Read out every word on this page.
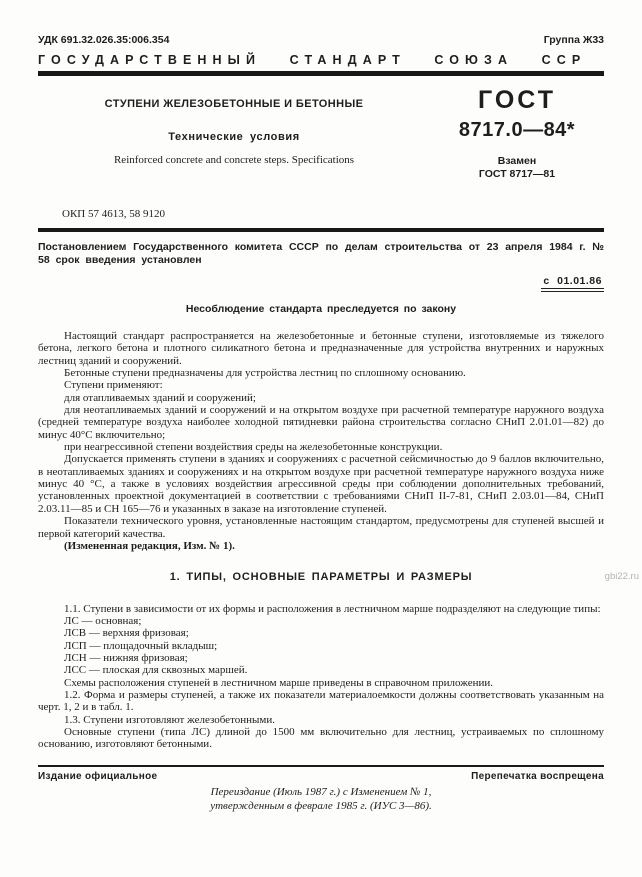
УДК 691.32.026.35:006.354	Группа Ж33
ГОСУДАРСТВЕННЫЙ СТАНДАРТ СОЮЗА ССР
СТУПЕНИ ЖЕЛЕЗОБЕТОННЫЕ И БЕТОННЫЕ
Технические условия
Reinforced concrete and concrete steps. Specifications
ГОСТ
8717.0—84*
Взамен
ГОСТ 8717—81
ОКП 57 4613, 58 9120

Постановлением Государственного комитета СССР по делам строительства от 23 апреля 1984 г. № 58 срок введения установлен

с 01.01.86
Несоблюдение стандарта преследуется по закону

Настоящий стандарт распространяется на железобетонные и бетонные ступени, изготовляемые из тяжелого бетона, легкого бетона и плотного силикатного бетона и предназначенные для устройства внутренних и наружных лестниц зданий и сооружений.

Бетонные ступени предназначены для устройства лестниц по сплошному основанию.

Ступени применяют:

для отапливаемых зданий и сооружений;

для неотапливаемых зданий и сооружений и на открытом воздухе при расчетной температуре наружного воздуха (средней температуре воздуха наиболее холодной пятидневки района строительства согласно СНиП 2.01.01—82) до минус 40°С включительно;

при неагрессивной степени воздействия среды на железобетонные конструкции.

Допускается применять ступени в зданиях и сооружениях с расчетной сейсмичностью до 9 баллов включительно, в неотапливаемых зданиях и сооружениях и на открытом воздухе при расчетной температуре наружного воздуха ниже минус 40 °С, а также в условиях воздействия агрессивной среды при соблюдении дополнительных требований, установленных проектной документацией в соответствии с требованиями СНиП II-7-81, СНиП 2.03.01—84, СНиП 2.03.11—85 и СН 165—76 и указанных в заказе на изготовление ступеней.

Показатели технического уровня, установленные настоящим стандартом, предусмотрены для ступеней высшей и первой категорий качества.

(Измененная редакция, Изм. № 1).

1. ТИПЫ, ОСНОВНЫЕ ПАРАМЕТРЫ И РАЗМЕРЫ

1.1. Ступени в зависимости от их формы и расположения в лестничном марше подразделяют на следующие типы:

ЛС — основная;
ЛСВ — верхняя фризовая;
ЛСП — площадочный вкладыш;
ЛСН — нижняя фризовая;
ЛСС — плоская для сквозных маршей.

Схемы расположения ступеней в лестничном марше приведены в справочном приложении.

1.2. Форма и размеры ступеней, а также их показатели материалоемкости должны соответствовать указанным на черт. 1, 2 и в табл. 1.

1.3. Ступени изготовляют железобетонными.

Основные ступени (типа ЛС) длиной до 1500 мм включительно для лестниц, устраиваемых по сплошному основанию, изготовляют бетонными.

Издание официальное	Перепечатка воспрещена
Переиздание (Июль 1987 г.) с Изменением № 1,
утвержденным в феврале 1985 г. (ИУС 3—86).
gbi22.ru
